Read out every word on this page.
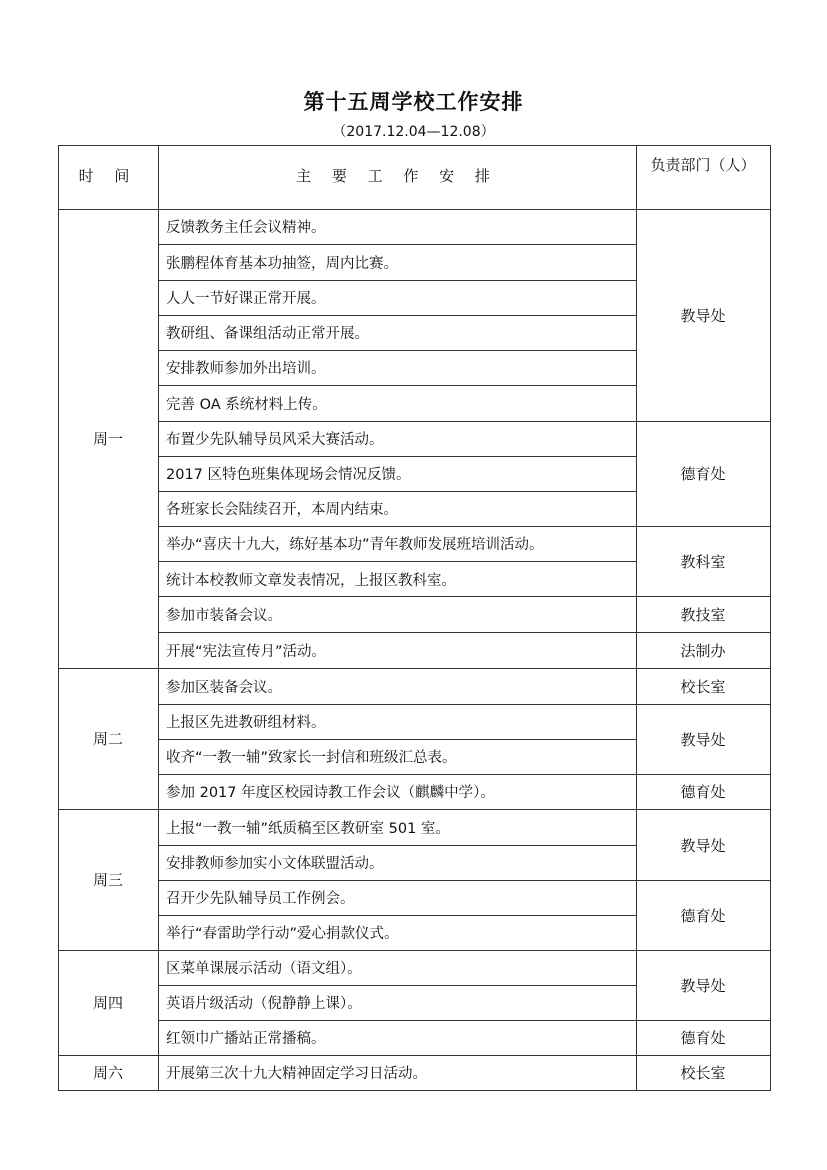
第十五周学校工作安排
（2017.12.04—12.08）
时 间	主 要 工 作 安 排
负责部门（人）
周一
周二
周三
周四
周六
反馈教务主任会议精神。
张鹏程体育基本功抽签，周内比赛。
人人一节好课正常开展。
教研组、备课组活动正常开展。
安排教师参加外出培训。
完善 OA 系统材料上传。
布置少先队辅导员风采大赛活动。
2017 区特色班集体现场会情况反馈。
各班家长会陆续召开，本周内结束。
举办“喜庆十九大，练好基本功”青年教师发展班培训活动。
统计本校教师文章发表情况，上报区教科室。
参加市装备会议。
开展“宪法宣传月”活动。
参加区装备会议。
上报区先进教研组材料。
收齐“一教一辅”致家长一封信和班级汇总表。
参加 2017 年度区校园诗教工作会议（麒麟中学）。
上报“一教一辅”纸质稿至区教研室 501 室。
安排教师参加实小文体联盟活动。
召开少先队辅导员工作例会。
举行“春雷助学行动”爱心捐款仪式。
区菜单课展示活动（语文组）。
英语片级活动（倪静静上课）。
红领巾广播站正常播稿。
开展第三次十九大精神固定学习日活动。
教导处
德育处
教科室
教技室
法制办
校长室
教导处
德育处
教导处
德育处
教导处
德育处
校长室
